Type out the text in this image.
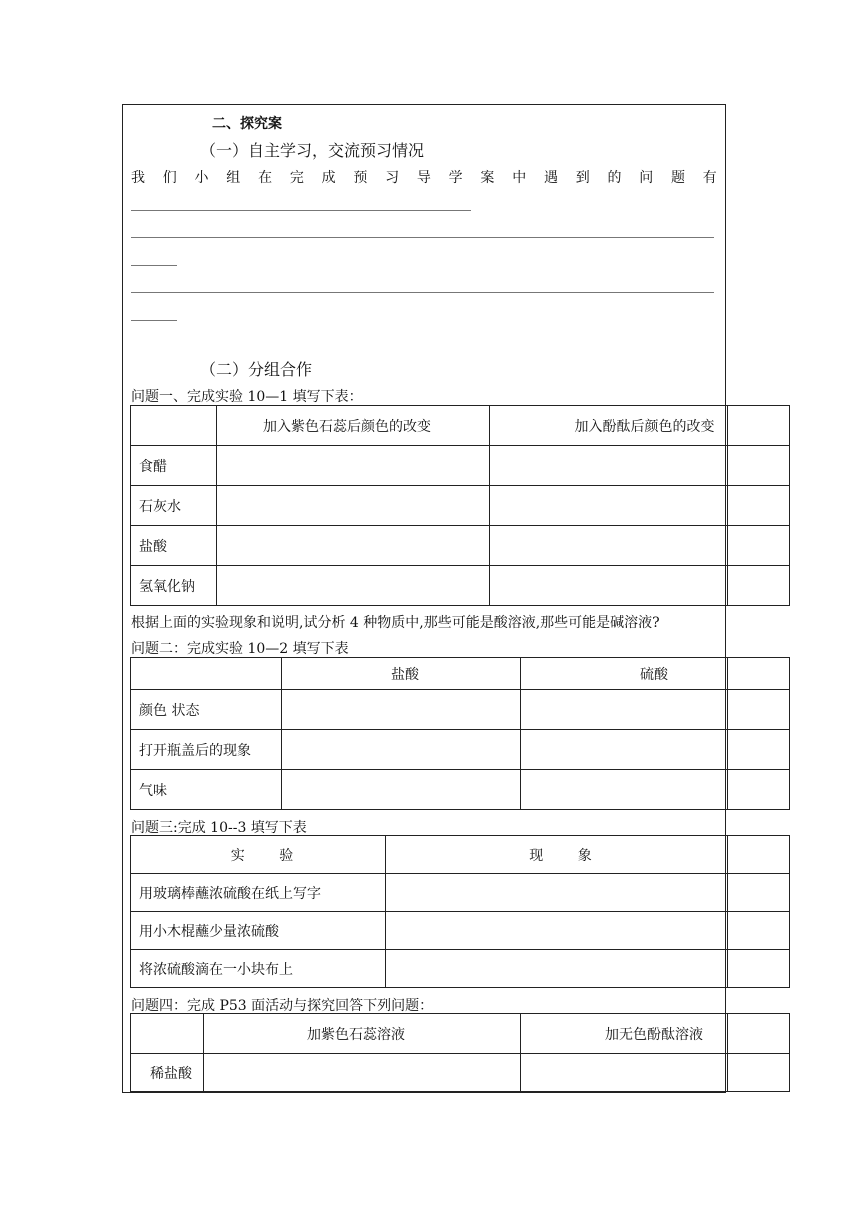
二、探究案
（一）自主学习，交流预习情况
我 们 小 组 在 完 成 预 习 导 学 案 中 遇 到 的 问 题 有
（二）分组合作
问题一、完成实验 10—1 填写下表：
	加入紫色石蕊后颜色的改变	加入酚酞后颜色的改变	
食醋			
石灰水			
盐酸			
氢氧化钠			
根据上面的实验现象和说明,试分析 4 种物质中,那些可能是酸溶液,那些可能是碱溶液?
问题二：完成实验 10—2 填写下表
	盐酸	硫酸	
颜色 状态			
打开瓶盖后的现象			
气味			
问题三:完成 10--3 填写下表
实 验	现 象	
用玻璃棒蘸浓硫酸在纸上写字		
用小木棍蘸少量浓硫酸		
将浓硫酸滴在一小块布上		
问题四：完成 P53 面活动与探究回答下列问题：
	加紫色石蕊溶液	加无色酚酞溶液	
稀盐酸			
